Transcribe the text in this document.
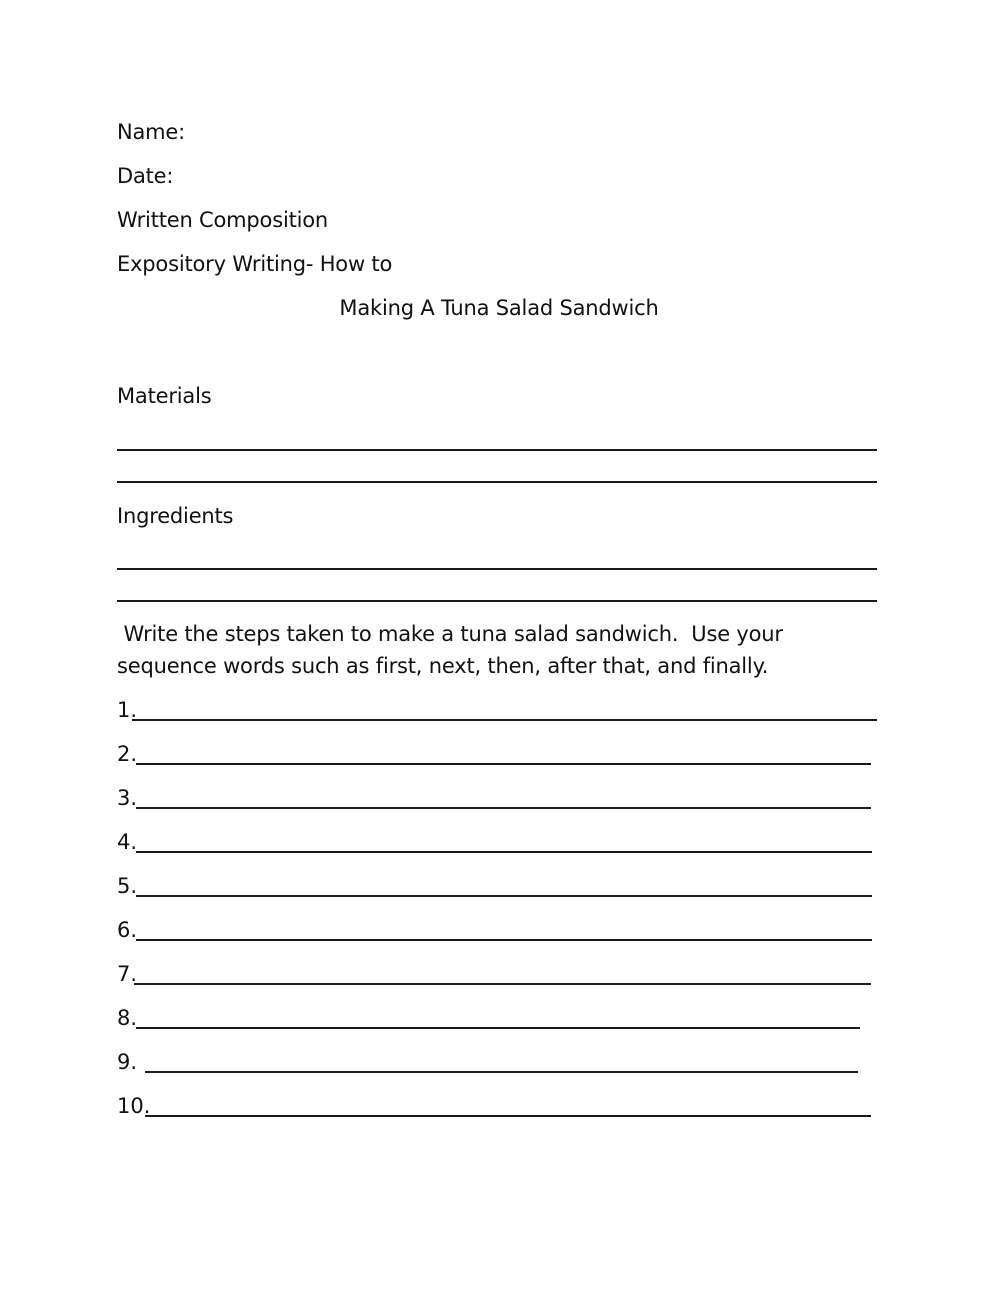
Name:
Date:
Written Composition
Expository Writing- How to
Making A Tuna Salad Sandwich
Materials
Ingredients
Write the steps taken to make a tuna salad sandwich.  Use your
sequence words such as first, next, then, after that, and finally.
1.
2.
3.
4.
5.
6.
7.
8.
9.
10.
